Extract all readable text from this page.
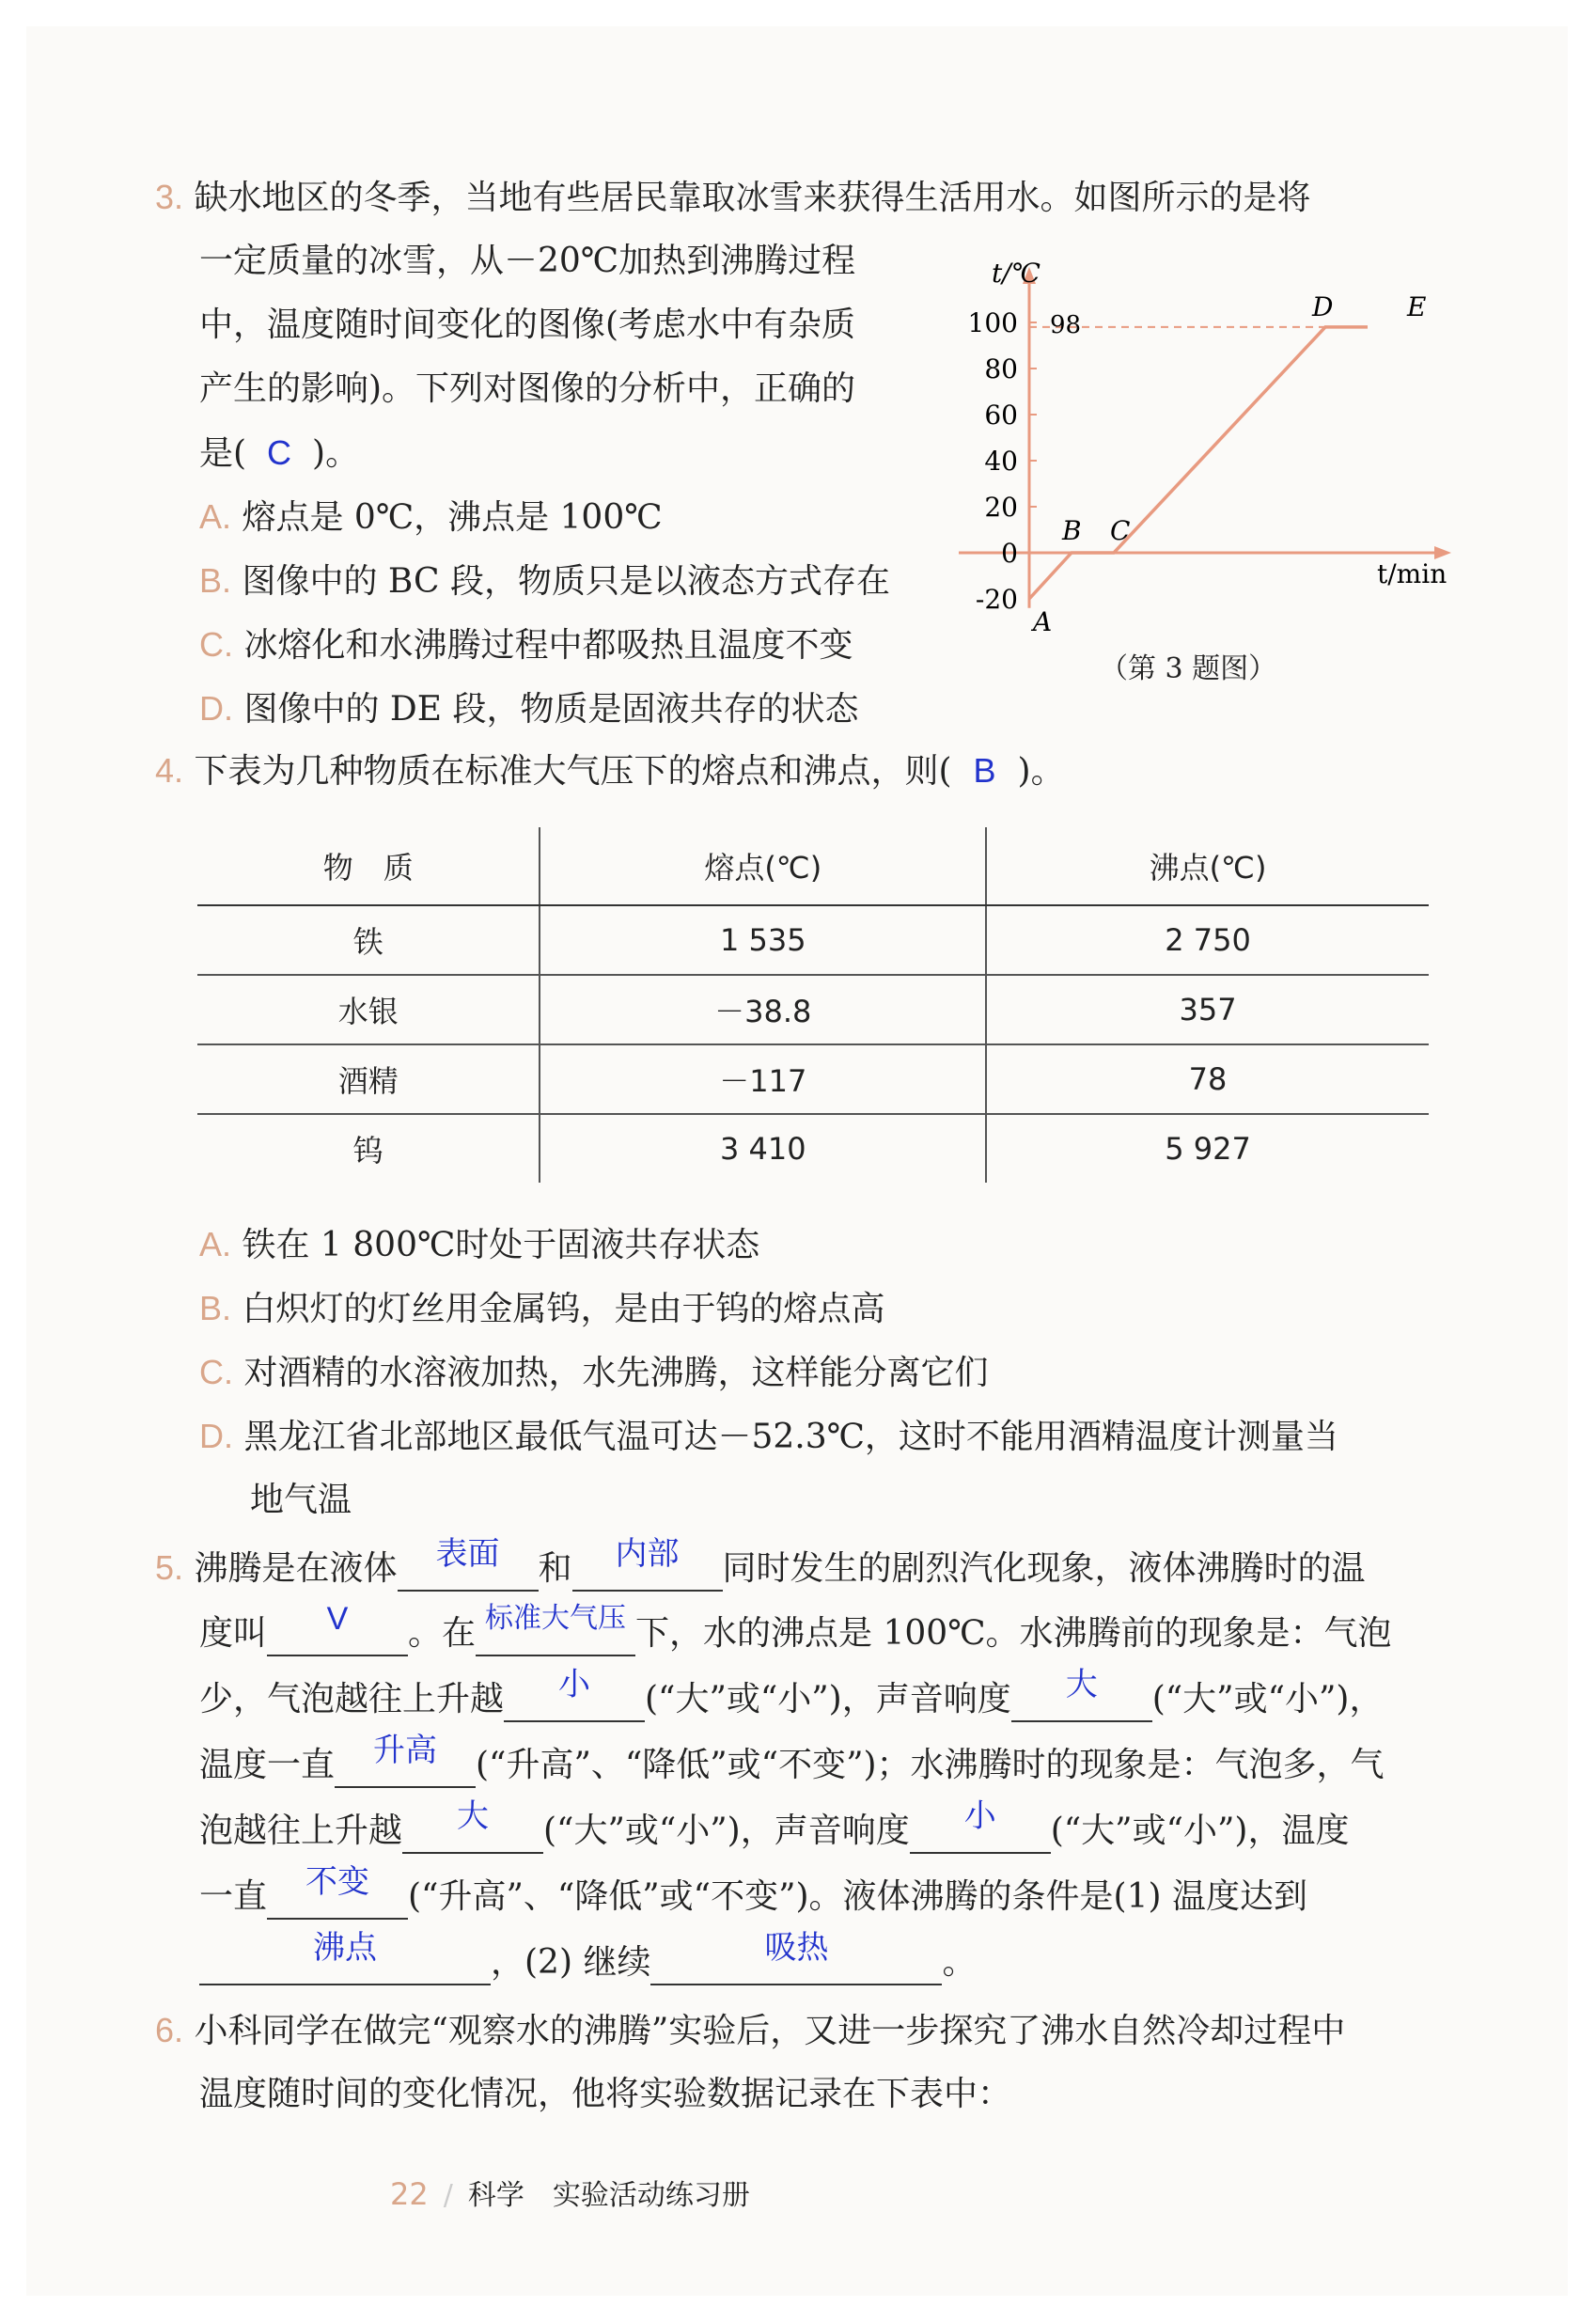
3. 缺水地区的冬季，当地有些居民靠取冰雪来获得生活用水。如图所示的是将
一定质量的冰雪，从－20℃加热到沸腾过程
中，温度随时间变化的图像(考虑水中有杂质
产生的影响)。下列对图像的分析中，正确的
是( C )。
A. 熔点是 0℃，沸点是 100℃
B. 图像中的 BC 段，物质只是以液态方式存在
C. 冰熔化和水沸腾过程中都吸热且温度不变
D. 图像中的 DE 段，物质是固液共存的状态
t/℃
t/min
-20
0
20
40
60
80
100 98
A
B C
D	E
（第 3 题图）
4. 下表为几种物质在标准大气压下的熔点和沸点，则( B )。
物　质	熔点(℃)	沸点(℃)
铁	1 535	2 750
水银	－38.8	357
酒精	－117	78
钨	3 410	5 927
A. 铁在 1 800℃时处于固液共存状态
B. 白炽灯的灯丝用金属钨，是由于钨的熔点高
C. 对酒精的水溶液加热，水先沸腾，这样能分离它们
D. 黑龙江省北部地区最低气温可达－52.3℃，这时不能用酒精温度计测量当
地气温
5. 沸腾是在液体	表面	和	内部	同时发生的剧烈汽化现象，液体沸腾时的温
度叫	V	。在 标准大气压 下，水的沸点是 100℃。水沸腾前的现象是：气泡
少，气泡越往上升越	小	(“大”或“小”)，声音响度	大	(“大”或“小”)，
温度一直	升高	(“升高”、“降低”或“不变”)；水沸腾时的现象是：气泡多，气
泡越往上升越	大	(“大”或“小”)，声音响度	小	(“大”或“小”)，温度
一直	不变	(“升高”、“降低”或“不变”)。液体沸腾的条件是(1) 温度达到
沸点	，(2) 继续	吸热	。
6. 小科同学在做完“观察水的沸腾”实验后，又进一步探究了沸水自然冷却过程中
温度随时间的变化情况，他将实验数据记录在下表中：
22 / 科学　 实验活动练习册
